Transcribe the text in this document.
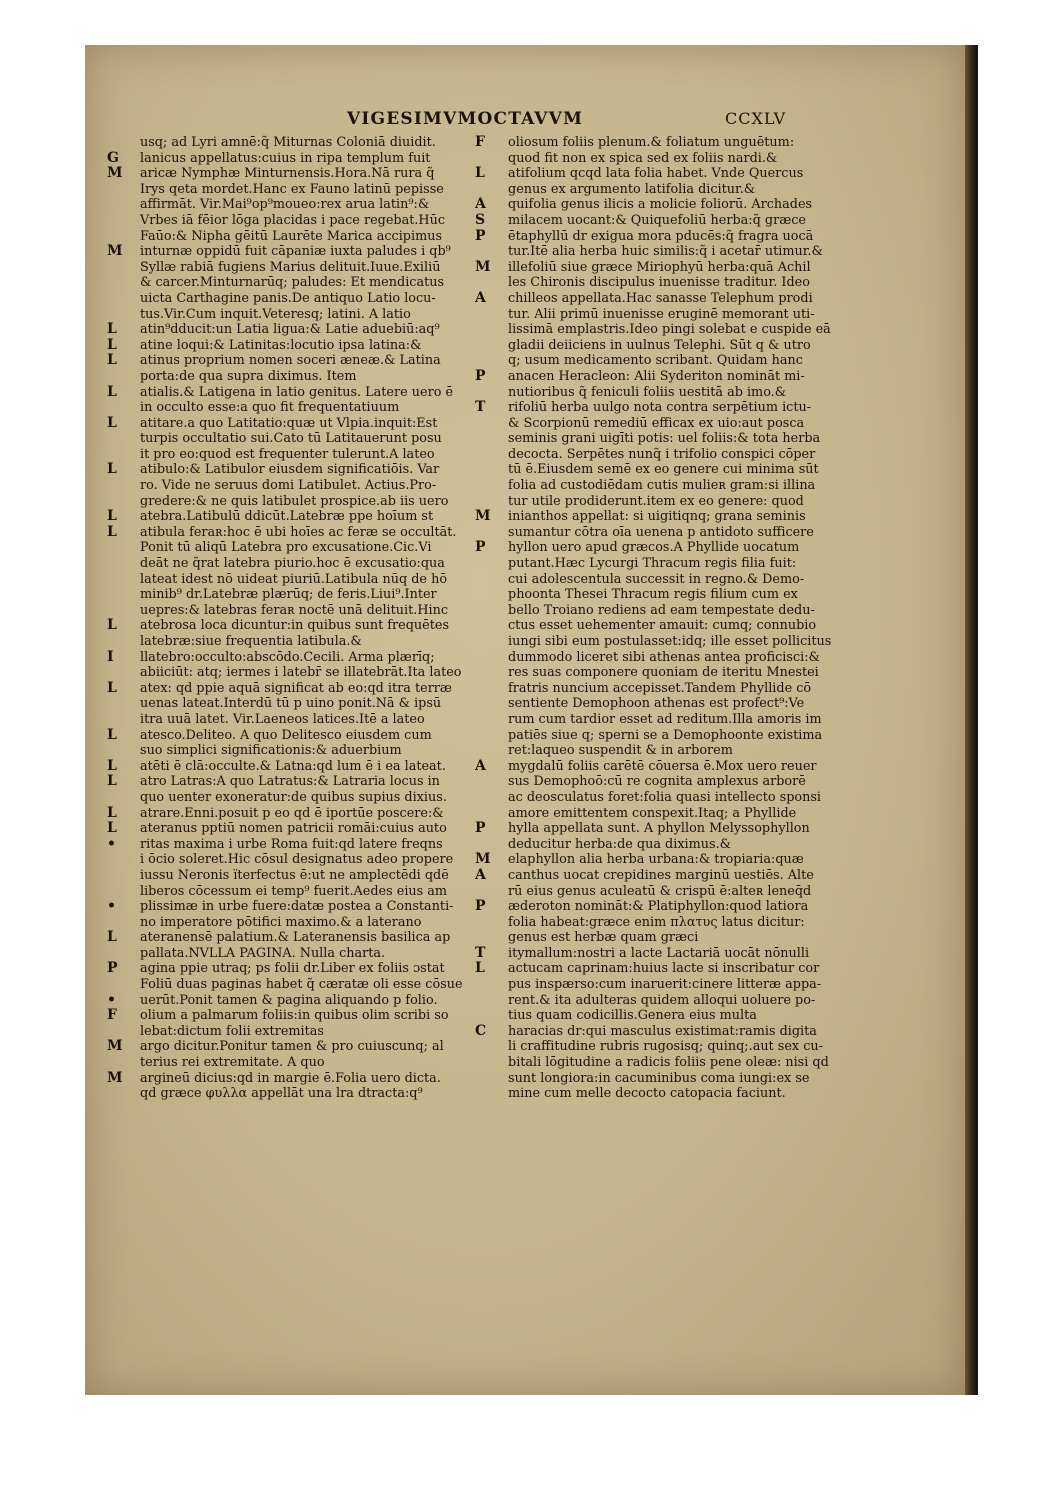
VIGESIMVMOCTAVVM	CCXLV
usq; ad Lyri amnē:q̃ Miturnas Coloniā diuidit.
G	lanicus appellatus:cuius in ripa templum fuit
M	aricæ Nymphæ Minturnensis.Hora.Nā rura q̃
Irys qeta mordet.Hanc ex Fauno latinū pepisse
affirmāt. Vir.Mai⁹op⁹moueo:rex arua latin⁹:&
Vrbes iā fēior lōga placidas i pace regebat.Hūc
Faūo:& Nipha gēitū Laurēte Marica accipimus
M	inturnæ oppidū fuit cāpaniæ iuxta paludes i qb⁹
Syllæ rabiā fugiens Marius delituit.Iuue.Exiliū
& carcer.Minturnarūq; paludes: Et mendicatus
uicta Carthagine panis.De antiquo Latio locu-
tus.Vir.Cum inquit.Veteresq; latini. A latio
L	atin⁹dducit̄:un Latia ligua:& Latie aduebiū:aq⁹
L	atine loqui:& Latinitas:locutio ipsa latina:&
L	atinus proprium nomen soceri æneæ.& Latina
porta:de qua supra diximus. Item
L	atialis.& Latigena in latio genitus. Latere uero ē
in occulto esse:a quo fit frequentatiuum
L	atitare.a quo Latitatio:quæ ut Vlpia.inquit:Est
turpis occultatio sui.Cato tū Latitauerunt posu
it pro eo:quod est frequenter tulerunt.A lateo
L	atibulo:& Latibulor eiusdem significatiōis. Var
ro. Vide ne seruus domi Latibulet. Actius.Pro-
gredere:& ne quis latibulet prospice.ab iis uero
L	atebra.Latibulū ddicūt.Latebræ ppe hoīum st
L	atibula feraʀ:hoc ē ubi hoīes ac feræ se occultāt.
Ponit̄ tū aliqū Latebra pro excusatione.Cic.Vi
deāt ne q̃rat latebra piurio.hoc ē excusatio:qua
lateat idest nō uideat piuriū.Latibula nūq de hō
minib⁹ d̄r.Latebræ plærūq; de feris.Liui⁹.Inter
uepres:& latebras feraʀ noctē unā delituit.Hinc
L	atebrosa loca dicuntur:in quibus sunt frequētes
latebræ:siue frequentia latibula.&
I	llatebro:occulto:abscōdo.Cecili. Arma plærīq;
abiiciūt: atq; iermes i latebr̄ se illatebrāt.Ita lateo
L	atex: qd ppie aquā significat ab eo:qd itra terræ
uenas lateat.Interdū tū p uino ponit̄.Nā & ipsū
itra uuā latet. Vir.Laeneos latices.Itē a lateo
L	atesco.Deliteo. A quo Delitesco eiusdem cum
suo simplici significationis:& aduerbium
L	atēt̄i ē clā:occulte.& Latna:qd lum ē i ea lateat.
L	atro Latras:A quo Latratus:& Latraria locus in
quo uenter exoneratur:de quibus supius dixius.
L	atrare.Enni.posuit p eo qd ē iportūe poscere:&
L	ateranus pptiū nomen patricii romāi:cuius auto
•	ritas maxima i urbe Roma fuit:qd latere freqns
i ōcio soleret.Hic cōsul designatus adeo propere
iussu Neronis ïterfectus ē:ut ne amplectēdi qdē
liberos cōcessum ei temp⁹ fuerit.Aedes eius am
•	plissimæ in urbe fuere:datæ postea a Constanti-
no imperatore pōtifici maximo.& a laterano
L	ateranensē palatium.& Lateranensis basilica ap
pallata.NVLLA PAGINA. Nulla charta.
P	agina ppie utraq; ps folii d̄r.Liber ex foliis ɔstat
Foliū duas paginas habet q̃ cæratæ oli esse cōsue
•	uerūt.Ponit̄ tamen & pagina aliquando p folio.
F	olium a palmarum foliis:in quibus olim scribi so
lebat:dictum folii extremitas
M	argo dicitur.Ponitur tamen & pro cuiuscunq; al
terius rei extremitate. A quo
M	argineū dicius:qd in margie ē.Folia uero dicta.
qd græce φυλλα appellāt una lra dtracta:q⁹
F	oliosum foliis plenum.& foliatum unguētum:
quod fit non ex spica sed ex foliis nardi.&
L	atifolium qcqd lata folia habet. Vnde Quercus
genus ex argumento latifolia dicitur.&
A	quifolia genus ilicis a molicie foliorū. Archades
S	milacem uocant:& Quiquefoliū herba:q̃ græce
P	ētaphyllū d̄r exigua mora pducēs:q̃ fragra uocā
tur.Itē alia herba huic similis:q̃ i acetar̄ utimur.&
M	illefoliū siue græce Miriophyū herba:quā Achil
les Chironis discipulus inuenisse traditur. Ideo
A	chilleos appellata.Hac sanasse Telephum prodi
tur. Alii primū inuenisse eruginē memorant uti-
lissimā emplastris.Ideo pingi solebat e cuspide eā
gladii deiiciens in uulnus Telephi. Sūt q & utro
q; usum medicamento scribant. Quidam hanc
P	anacen Heracleon: Alii Syderiton nomināt mi-
nutioribus q̃ feniculi foliis uestitā ab imo.&
T	rifoliū herba uulgo nota contra serpētium ictu-
& Scorpionū remediū efficax ex uio:aut posca
seminis grani uigīti potis: uel foliis:& tota herba
decocta. Serpētes nunq̃ i trifolio conspici cōper
tū ē.Eiusdem semē ex eo genere cui minima sūt
folia ad custodiēdam cutis mulieʀ gram:si illina
tur utile prodiderunt.item ex eo genere: quod
M	inianthos appellat̄: si uigitiqnq; grana seminis
sumantur cōtra oīa uenena p antidoto sufficere
P	hyllon uero apud græcos.A Phyllide uocatum
putant.Hæc Lycurgi Thracum regis filia fuit:
cui adolescentula successit in regno.& Demo-
phoonta Thesei Thracum regis filium cum ex
bello Troiano rediens ad eam tempestate dedu-
ctus esset uehementer amauit: cumq; connubio
iungi sibi eum postulasset:idq; ille esset pollicitus
dummodo liceret sibi athenas antea proficisci:&
res suas componere quoniam de iteritu Mnestei
fratris nuncium accepisset.Tandem Phyllide cō
sentiente Demophoon athenas est profect⁹:Ve
rum cum tardior esset ad reditum.Illa amoris im
patiēs siue q; sperni se a Demophoonte existima
ret:laqueo suspendit & in arborem
A	mygdalū foliis carētē cōuersa ē.Mox uero reuer
sus Demophoō:cū re cognita amplexus arborē
ac deosculatus foret:folia quasi intellecto sponsi
amore emittentem conspexit.Itaq; a Phyllide
P	hylla appellata sunt. A phyllon Melyssophyllon
deducitur herba:de qua diximus.&
M	elaphyllon alia herba urbana:& tropiaria:quæ
A	canthus uocat̄ crepidines marginū uestiēs. Alte
rū eius genus aculeatū & crispū ē:alteʀ leneq̄d
P	æderoton nomināt:& Platiphyllon:quod latiora
folia habeat:græce enim πλατυς latus dicitur:
genus est herbæ quam græci
T	itymallum:nostri a lacte Lactariā uocāt nōnulli
L	actucam caprinam:huius lacte si inscribatur cor
pus inspærso:cum inaruerit:cinere litteræ appa-
rent.& ita adulteras quidem alloqui uoluere po-
tius quam codicillis.Genera eius multa
C	haracias d̄r:qui masculus existimat̄:ramis digita
li craffitudine rubris rugosisq; quinq;.aut sex cu-
bitali lōgitudine a radicis foliis pene oleæ: nisi qd
sunt longiora:in cacuminibus coma iungi:ex se
mine cum melle decocto catopacia faciunt.
